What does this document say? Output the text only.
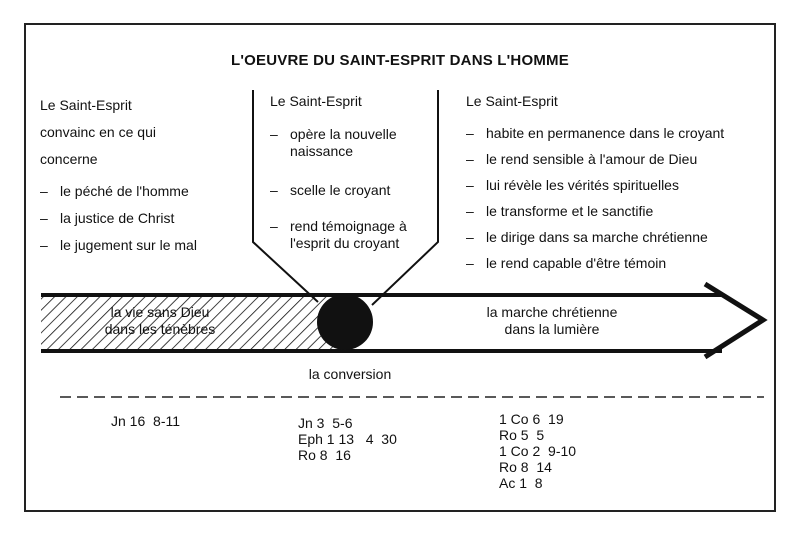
L'OEUVRE DU SAINT-ESPRIT DANS L'HOMME
Le Saint-Esprit
convainc en ce qui
concerne
– le péché de l'homme
– la justice de Christ
– le jugement sur le mal
Le Saint-Esprit
– opère la nouvelle naissance
– scelle le croyant
– rend témoignage à l'esprit du croyant
Le Saint-Esprit
– habite en permanence dans le croyant
– le rend sensible à l'amour de Dieu
– lui révèle les vérités spirituelles
– le transforme et le sanctifie
– le dirige dans sa marche chrétienne
– le rend capable d'être témoin
la vie sans Dieu
dans les ténèbres
la marche chrétienne
dans la lumière
la conversion
Jn 16  8-11	Jn 3  5-6
Eph 1 13   4  30
Ro 8  16
1 Co 6  19
Ro 5  5
1 Co 2  9-10
Ro 8  14
Ac 1  8
